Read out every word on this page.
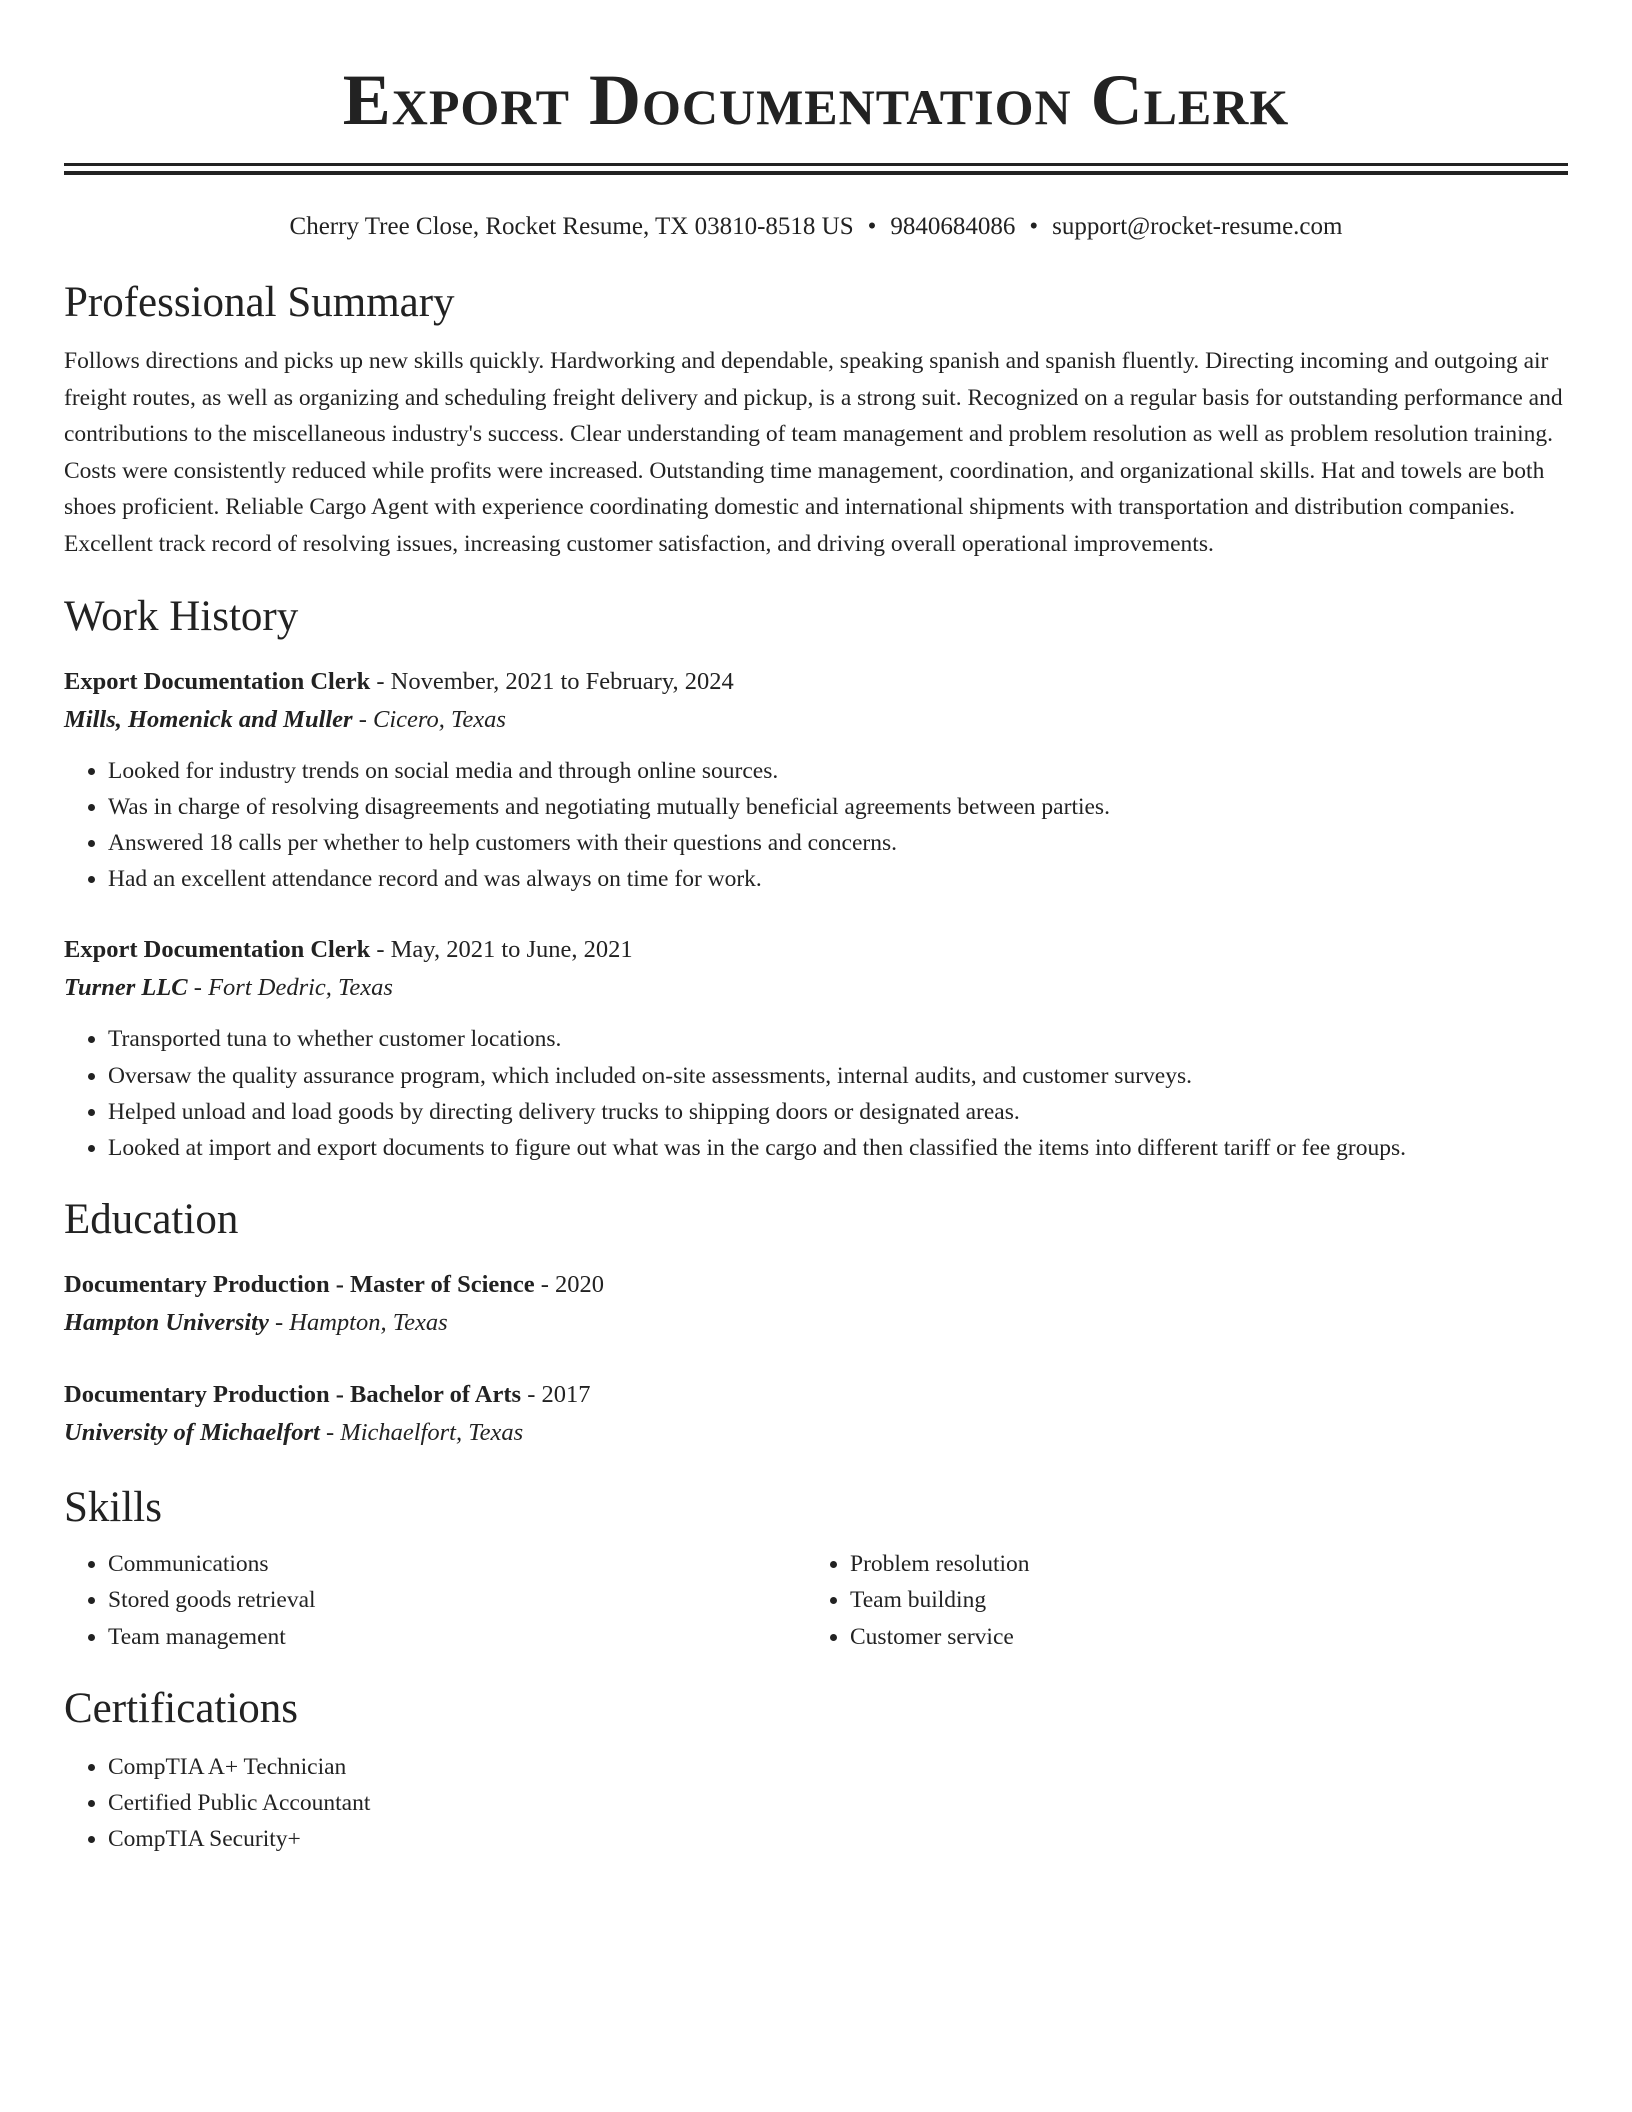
Export Documentation Clerk
Cherry Tree Close, Rocket Resume, TX 03810-8518 US • 9840684086 • support@rocket-resume.com
Professional Summary

Follows directions and picks up new skills quickly. Hardworking and dependable, speaking spanish and spanish fluently. Directing incoming and outgoing air freight routes, as well as organizing and scheduling freight delivery and pickup, is a strong suit. Recognized on a regular basis for outstanding performance and contributions to the miscellaneous industry's success. Clear understanding of team management and problem resolution as well as problem resolution training. Costs were consistently reduced while profits were increased. Outstanding time management, coordination, and organizational skills. Hat and towels are both shoes proficient. Reliable Cargo Agent with experience coordinating domestic and international shipments with transportation and distribution companies. Excellent track record of resolving issues, increasing customer satisfaction, and driving overall operational improvements.

Work History
Export Documentation Clerk - November, 2021 to February, 2024
Mills, Homenick and Muller - Cicero, Texas
• Looked for industry trends on social media and through online sources.
• Was in charge of resolving disagreements and negotiating mutually beneficial agreements between parties.
• Answered 18 calls per whether to help customers with their questions and concerns.
• Had an excellent attendance record and was always on time for work.
Export Documentation Clerk - May, 2021 to June, 2021
Turner LLC - Fort Dedric, Texas
• Transported tuna to whether customer locations.
• Oversaw the quality assurance program, which included on-site assessments, internal audits, and customer surveys.
• Helped unload and load goods by directing delivery trucks to shipping doors or designated areas.
• Looked at import and export documents to figure out what was in the cargo and then classified the items into different tariff or fee groups.
Education
Documentary Production - Master of Science - 2020
Hampton University - Hampton, Texas
Documentary Production - Bachelor of Arts - 2017
University of Michaelfort - Michaelfort, Texas
Skills
• Communications
• Stored goods retrieval
• Team management
• Problem resolution
• Team building
• Customer service
Certifications
• CompTIA A+ Technician
• Certified Public Accountant
• CompTIA Security+
